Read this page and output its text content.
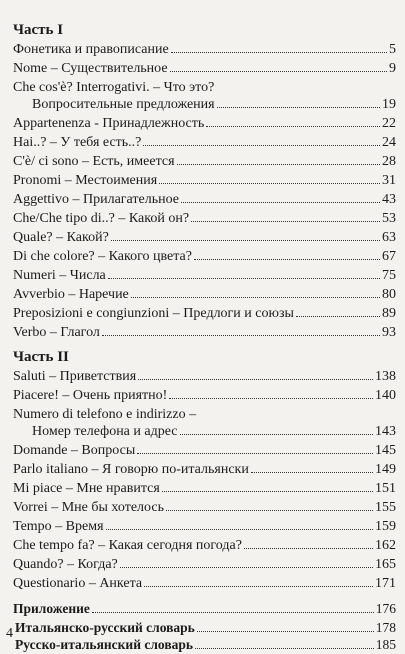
Часть I
Фонетика и правописание	5
Nome – Существительное	9
Che cos'è? Interrogativi. – Что это?
Вопросительные предложения	19
Appartenenza - Принадлежность	22
Hai..? – У тебя есть..?	24
C'è/ ci sono – Есть, имеется	28
Pronomi – Местоимения	31
Aggettivo – Прилагательное	43
Che/Che tipo di..? – Какой он?	53
Quale? – Какой?	63
Di che colore? – Какого цвета?	67
Numeri – Числа	75
Avverbio – Наречие	80
Preposizioni e congiunzioni – Предлоги и союзы	89
Verbo – Глагол	93
Часть II
Saluti – Приветствия	138
Piacere! – Очень приятно!	140
Numero di telefono e indirizzo –
Номер телефона и адрес	143
Domande – Вопросы	145
Parlo italiano – Я говорю по-итальянски	149
Mi piace – Мне нравится	151
Vorrei – Мне бы хотелось	155
Tempo – Время	159
Che tempo fa? – Какая сегодня погода?	162
Quando? – Когда?	165
Questionario – Анкета	171
Приложение	176
Итальянско-русский словарь	178
Русско-итальянский словарь	185
4
